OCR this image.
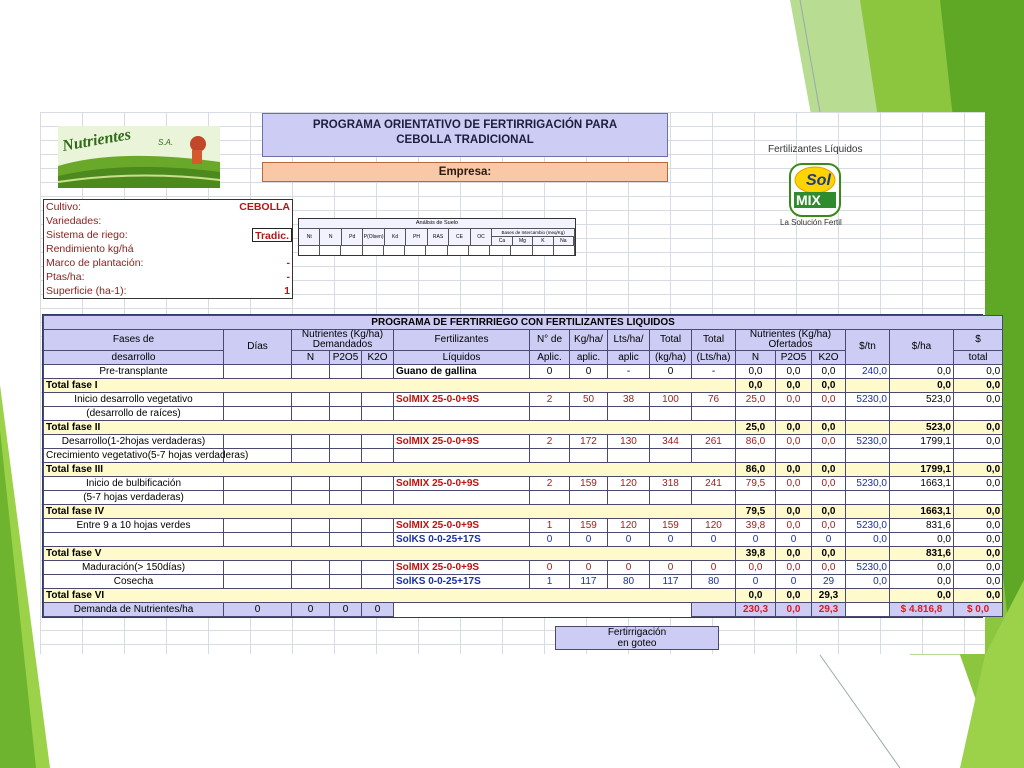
Nutrientes	S.A.
PROGRAMA ORIENTATIVO DE FERTIRRIGACIÓN PARA
CEBOLLA TRADICIONAL
Empresa:
Fertilizantes Líquidos
Sol
MIX
La Solución Fertil
Cultivo:	CEBOLLA
Variedades:
Sistema de riego:	Tradic.
Rendimiento kg/há
Marco de plantación:	-
Ptas/ha:	-
Superficie (ha-1):	1
Análisis de Suelo
Nt	N	Pd	P(Olsen)	Kd	PH	RAS	CE	OC
Bases de Intercambio (meq/Kg)
Ca	Mg	K	Na
PROGRAMA DE FERTIRRIEGO CON FERTILIZANTES LIQUIDOS																
Fases de	Días	Nutrientes (Kg/ha) Demandados			Fertilizantes	N° de	Kg/ha/	Lts/ha/	Total	Total	Nutrientes (Kg/ha) Ofertados			$/tn	$/ha	$
desarrollo		N	P2O5	K2O	Líquidos	Aplic.	aplic.	aplic	(kg/ha)	(Lts/ha)	N	P2O5	K2O			total
Pre-transplante					Guano de gallina	0	0	-	0	-	0,0	0,0	0,0	240,0	0,0	0,0
Total fase I											0,0	0,0	0,0		0,0	0,0
Inicio desarrollo vegetativo					SolMIX 25-0-0+9S	2	50	38	100	76	25,0	0,0	0,0	5230,0	523,0	0,0
(desarrollo de raíces)																
Total fase II											25,0	0,0	0,0		523,0	0,0
Desarrollo(1-2hojas verdaderas)					SolMIX 25-0-0+9S	2	172	130	344	261	86,0	0,0	0,0	5230,0	1799,1	0,0
Crecimiento vegetativo(5-7 hojas verdaderas)																
Total fase III											86,0	0,0	0,0		1799,1	0,0
Inicio de bulbificación					SolMIX 25-0-0+9S	2	159	120	318	241	79,5	0,0	0,0	5230,0	1663,1	0,0
(5-7 hojas verdaderas)																
Total fase IV											79,5	0,0	0,0		1663,1	0,0
Entre 9 a 10 hojas verdes					SolMIX 25-0-0+9S	1	159	120	159	120	39,8	0,0	0,0	5230,0	831,6	0,0
					SolKS 0-0-25+17S	0	0	0	0	0	0	0	0	0,0	0,0	0,0
Total fase V											39,8	0,0	0,0		831,6	0,0
Maduración(> 150días)					SolMIX 25-0-0+9S	0	0	0	0	0	0,0	0,0	0,0	5230,0	0,0	0,0
Cosecha					SolKS 0-0-25+17S	1	117	80	117	80	0	0	29	0,0	0,0	0,0
Total fase VI											0,0	0,0	29,3		0,0	0,0
Demanda de Nutrientes/ha	0	0	0	0							230,3	0,0	29,3		$ 4.816,8	$ 0,0
Fertirrigación
en goteo
